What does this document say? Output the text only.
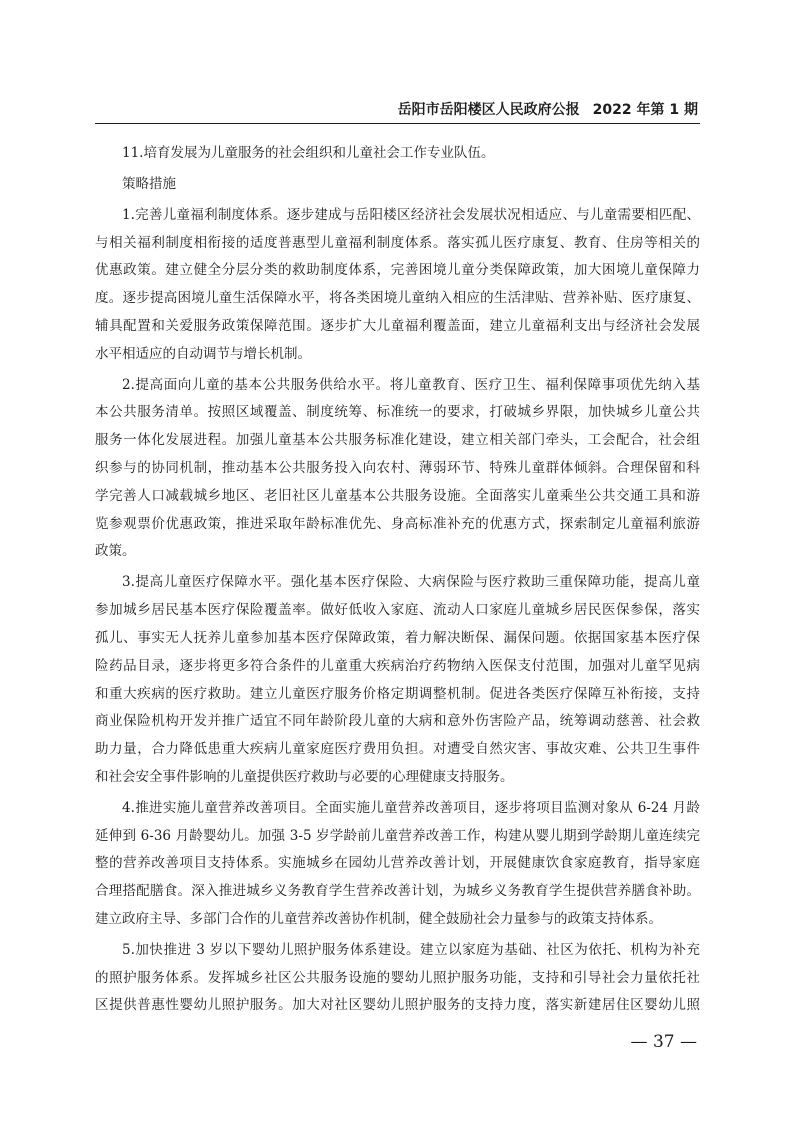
岳阳市岳阳楼区人民政府公报 2022 年第 1 期

11.培育发展为儿童服务的社会组织和儿童社会工作专业队伍。

策略措施

1.完善儿童福利制度体系。逐步建成与岳阳楼区经济社会发展状况相适应、与儿童需要相匹配、
与相关福利制度相衔接的适度普惠型儿童福利制度体系。落实孤儿医疗康复、教育、住房等相关的
优惠政策。建立健全分层分类的救助制度体系，完善困境儿童分类保障政策，加大困境儿童保障力
度。逐步提高困境儿童生活保障水平，将各类困境儿童纳入相应的生活津贴、营养补贴、医疗康复、
辅具配置和关爱服务政策保障范围。逐步扩大儿童福利覆盖面，建立儿童福利支出与经济社会发展
水平相适应的自动调节与增长机制。

2.提高面向儿童的基本公共服务供给水平。将儿童教育、医疗卫生、福利保障事项优先纳入基
本公共服务清单。按照区域覆盖、制度统筹、标准统一的要求，打破城乡界限，加快城乡儿童公共
服务一体化发展进程。加强儿童基本公共服务标准化建设，建立相关部门牵头，工会配合，社会组
织参与的协同机制，推动基本公共服务投入向农村、薄弱环节、特殊儿童群体倾斜。合理保留和科
学完善人口减载城乡地区、老旧社区儿童基本公共服务设施。全面落实儿童乘坐公共交通工具和游
览参观票价优惠政策，推进采取年龄标准优先、身高标准补充的优惠方式，探索制定儿童福利旅游
政策。

3.提高儿童医疗保障水平。强化基本医疗保险、大病保险与医疗救助三重保障功能，提高儿童
参加城乡居民基本医疗保险覆盖率。做好低收入家庭、流动人口家庭儿童城乡居民医保参保，落实
孤儿、事实无人抚养儿童参加基本医疗保障政策，着力解决断保、漏保问题。依据国家基本医疗保
险药品目录，逐步将更多符合条件的儿童重大疾病治疗药物纳入医保支付范围，加强对儿童罕见病
和重大疾病的医疗救助。建立儿童医疗服务价格定期调整机制。促进各类医疗保障互补衔接，支持
商业保险机构开发并推广适宜不同年龄阶段儿童的大病和意外伤害险产品，统筹调动慈善、社会救
助力量，合力降低患重大疾病儿童家庭医疗费用负担。对遭受自然灾害、事故灾难、公共卫生事件
和社会安全事件影响的儿童提供医疗救助与必要的心理健康支持服务。

4.推进实施儿童营养改善项目。全面实施儿童营养改善项目，逐步将项目监测对象从 6-24 月龄
延伸到 6-36 月龄婴幼儿。加强 3-5 岁学龄前儿童营养改善工作，构建从婴儿期到学龄期儿童连续完
整的营养改善项目支持体系。实施城乡在园幼儿营养改善计划，开展健康饮食家庭教育，指导家庭
合理搭配膳食。深入推进城乡义务教育学生营养改善计划，为城乡义务教育学生提供营养膳食补助。
建立政府主导、多部门合作的儿童营养改善协作机制，健全鼓励社会力量参与的政策支持体系。

5.加快推进 3 岁以下婴幼儿照护服务体系建设。建立以家庭为基础、社区为依托、机构为补充
的照护服务体系。发挥城乡社区公共服务设施的婴幼儿照护服务功能，支持和引导社会力量依托社
区提供普惠性婴幼儿照护服务。加大对社区婴幼儿照护服务的支持力度，落实新建居住区婴幼儿照

— 37 —
